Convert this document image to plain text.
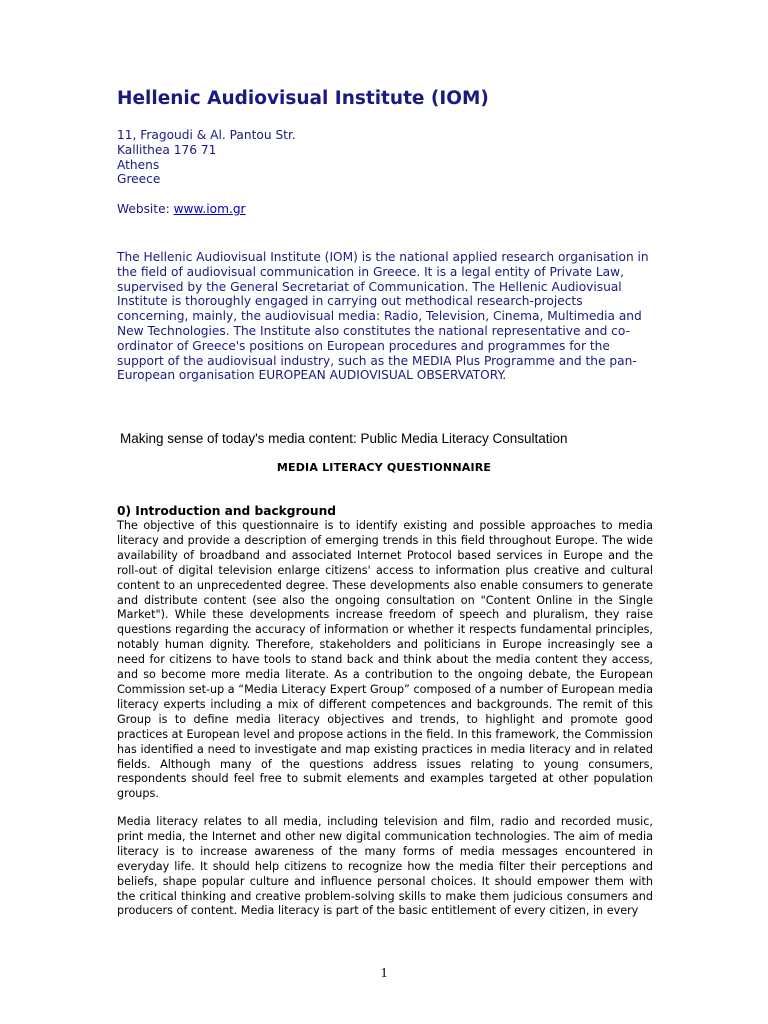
Hellenic Audiovisual Institute (IOM)
11, Fragoudi & Al. Pantou Str.
Kallithea 176 71
Athens
Greece
Website: www.iom.gr

The Hellenic Audiovisual Institute (IOM) is the national applied research organisation in the field of audiovisual communication in Greece. It is a legal entity of Private Law, supervised by the General Secretariat of Communication. The Hellenic Audiovisual Institute is thoroughly engaged in carrying out methodical research-projects concerning, mainly, the audiovisual media: Radio, Television, Cinema, Multimedia and New Technologies. The Institute also constitutes the national representative and co-ordinator of Greece's positions on European procedures and programmes for the support of the audiovisual industry, such as the MEDIA Plus Programme and the pan-European organisation EUROPEAN AUDIOVISUAL OBSERVATORY.

Making sense of today's media content: Public Media Literacy Consultation

MEDIA LITERACY QUESTIONNAIRE

0) Introduction and background

The objective of this questionnaire is to identify existing and possible approaches to media literacy and provide a description of emerging trends in this field throughout Europe. The wide availability of broadband and associated Internet Protocol based services in Europe and the roll-out of digital television enlarge citizens' access to information plus creative and cultural content to an unprecedented degree. These developments also enable consumers to generate and distribute content (see also the ongoing consultation on "Content Online in the Single Market"). While these developments increase freedom of speech and pluralism, they raise questions regarding the accuracy of information or whether it respects fundamental principles, notably human dignity. Therefore, stakeholders and politicians in Europe increasingly see a need for citizens to have tools to stand back and think about the media content they access, and so become more media literate. As a contribution to the ongoing debate, the European Commission set-up a “Media Literacy Expert Group” composed of a number of European media literacy experts including a mix of different competences and backgrounds. The remit of this Group is to define media literacy objectives and trends, to highlight and promote good practices at European level and propose actions in the field. In this framework, the Commission has identified a need to investigate and map existing practices in media literacy and in related fields. Although many of the questions address issues relating to young consumers, respondents should feel free to submit elements and examples targeted at other population groups.

Media literacy relates to all media, including television and film, radio and recorded music, print media, the Internet and other new digital communication technologies. The aim of media literacy is to increase awareness of the many forms of media messages encountered in everyday life. It should help citizens to recognize how the media filter their perceptions and beliefs, shape popular culture and influence personal choices. It should empower them with the critical thinking and creative problem-solving skills to make them judicious consumers and producers of content. Media literacy is part of the basic entitlement of every citizen, in every

1
